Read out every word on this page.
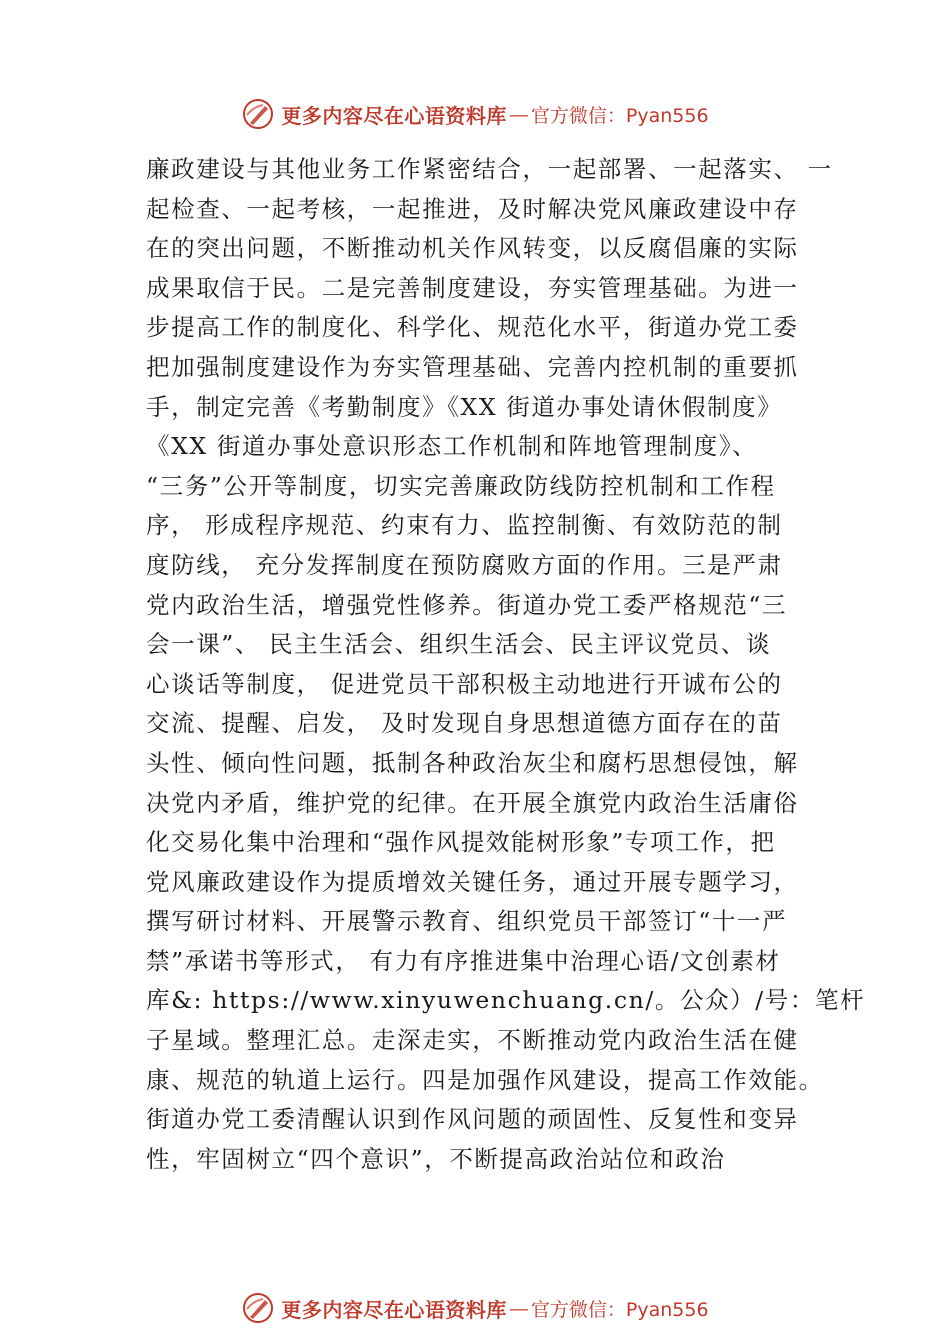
更多内容尽在心语资料库 — 官方微信：Pyan556
廉政建设与其他业务工作紧密结合，一起部署、一起落实、 一
起检查、一起考核，一起推进，及时解决党风廉政建设中存
在的突出问题，不断推动机关作风转变，以反腐倡廉的实际
成果取信于民。二是完善制度建设，夯实管理基础。为进一
步提高工作的制度化、科学化、规范化水平，街道办党工委
把加强制度建设作为夯实管理基础、完善内控机制的重要抓
手，制定完善《考勤制度》《XX 街道办事处请休假制度》
《XX 街道办事处意识形态工作机制和阵地管理制度》、
“三务”公开等制度，切实完善廉政防线防控机制和工作程
序， 形成程序规范、约束有力、监控制衡、有效防范的制
度防线， 充分发挥制度在预防腐败方面的作用。三是严肃
党内政治生活，增强党性修养。街道办党工委严格规范“三
会一课”、 民主生活会、组织生活会、民主评议党员、谈
心谈话等制度， 促进党员干部积极主动地进行开诚布公的
交流、提醒、启发， 及时发现自身思想道德方面存在的苗
头性、倾向性问题，抵制各种政治灰尘和腐朽思想侵蚀，解
决党内矛盾，维护党的纪律。在开展全旗党内政治生活庸俗
化交易化集中治理和“强作风提效能树形象”专项工作，把
党风廉政建设作为提质增效关键任务，通过开展专题学习，
撰写研讨材料、开展警示教育、组织党员干部签订“十一严
禁”承诺书等形式， 有力有序推进集中治理心语/文创素材
库&: https://www.xinyuwenchuang.cn/。公众）/号：笔杆
子星域。整理汇总。走深走实，不断推动党内政治生活在健
康、规范的轨道上运行。四是加强作风建设，提高工作效能。
街道办党工委清醒认识到作风问题的顽固性、反复性和变异
性，牢固树立“四个意识”，不断提高政治站位和政治
更多内容尽在心语资料库 — 官方微信：Pyan556
